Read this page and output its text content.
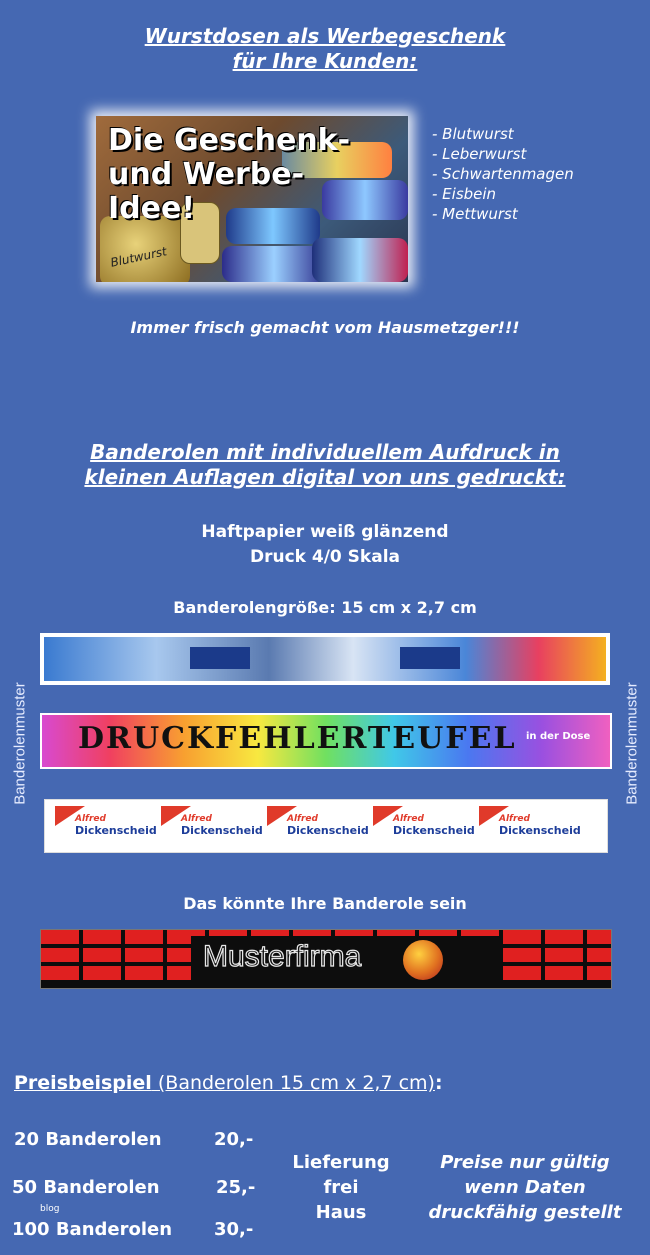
Wurstdosen als Werbegeschenk
für Ihre Kunden:
Blutwurst
Die Geschenk-
und Werbe-
Idee!
- Blutwurst
- Leberwurst
- Schwartenmagen
- Eisbein
- Mettwurst
Immer frisch gemacht vom Hausmetzger!!!
Banderolen mit individuellem Aufdruck in
kleinen Auflagen digital von uns gedruckt:
Haftpapier weiß glänzend
Druck 4/0 Skala
Banderolengröße: 15 cm x 2,7 cm
Banderolenmuster	Banderolenmuster
DRUCKFEHLERTEUFEL in der Dose
Alfred
Dickenscheid
Alfred
Dickenscheid
Alfred
Dickenscheid
Alfred
Dickenscheid
Alfred
Dickenscheid
Das könnte Ihre Banderole sein
Musterfirma
Preisbeispiel (Banderolen 15 cm x 2,7 cm):
20 Banderolen	20,-
50 Banderolen	25,-
100 Banderolen 30,-
Lieferung
frei
Haus
Preise nur gültig
wenn Daten
druckfähig gestellt
blog
